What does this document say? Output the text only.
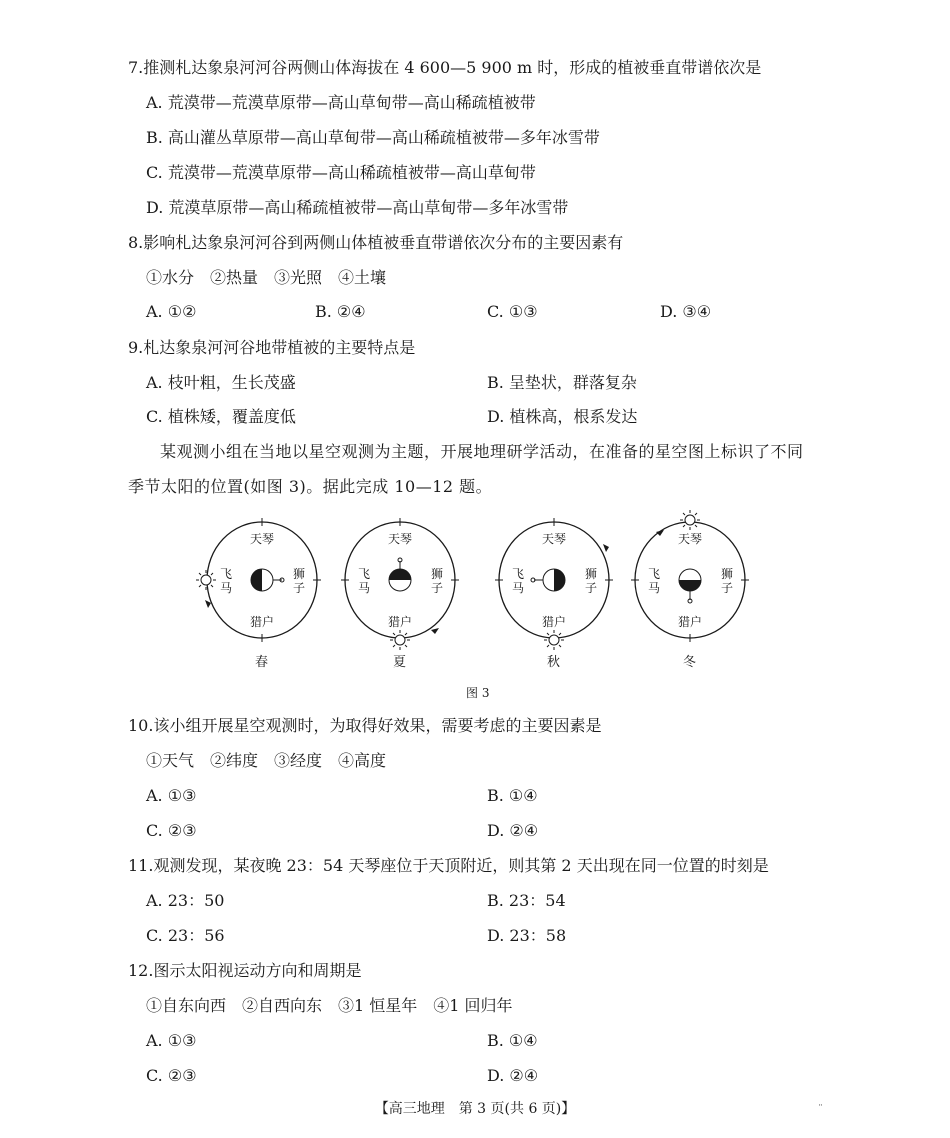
7.推测札达象泉河河谷两侧山体海拔在 4 600—5 900 m 时，形成的植被垂直带谱依次是
A. 荒漠带—荒漠草原带—高山草甸带—高山稀疏植被带
B. 高山灌丛草原带—高山草甸带—高山稀疏植被带—多年冰雪带
C. 荒漠带—荒漠草原带—高山稀疏植被带—高山草甸带
D. 荒漠草原带—高山稀疏植被带—高山草甸带—多年冰雪带
8.影响札达象泉河河谷到两侧山体植被垂直带谱依次分布的主要因素有
①水分　②热量　③光照　④土壤
A. ①②	B. ②④	C. ①③	D. ③④
9.札达象泉河河谷地带植被的主要特点是
A. 枝叶粗，生长茂盛	B. 呈垫状，群落复杂
C. 植株矮，覆盖度低	D. 植株高，根系发达
某观测小组在当地以星空观测为主题，开展地理研学活动，在准备的星空图上标识了不同
季节太阳的位置(如图 3)。据此完成 10—12 题。
天琴
猎户
飞
马
狮
子
春
天琴
猎户
飞
马
狮
子
夏
天琴
猎户
飞
马
狮
子
秋
天琴
猎户
飞
马
狮
子
冬
图 3
10.该小组开展星空观测时，为取得好效果，需要考虑的主要因素是
①天气　②纬度　③经度　④高度
A. ①③	B. ①④
C. ②③	D. ②④
11.观测发现，某夜晚 23：54 天琴座位于天顶附近，则其第 2 天出现在同一位置的时刻是
A. 23：50	B. 23：54
C. 23：56	D. 23：58
12.图示太阳视运动方向和周期是
①自东向西　②自西向东　③1 恒星年　④1 回归年
A. ①③	B. ①④
C. ②③	D. ②④
【高三地理　第 3 页(共 6 页)】	¨
